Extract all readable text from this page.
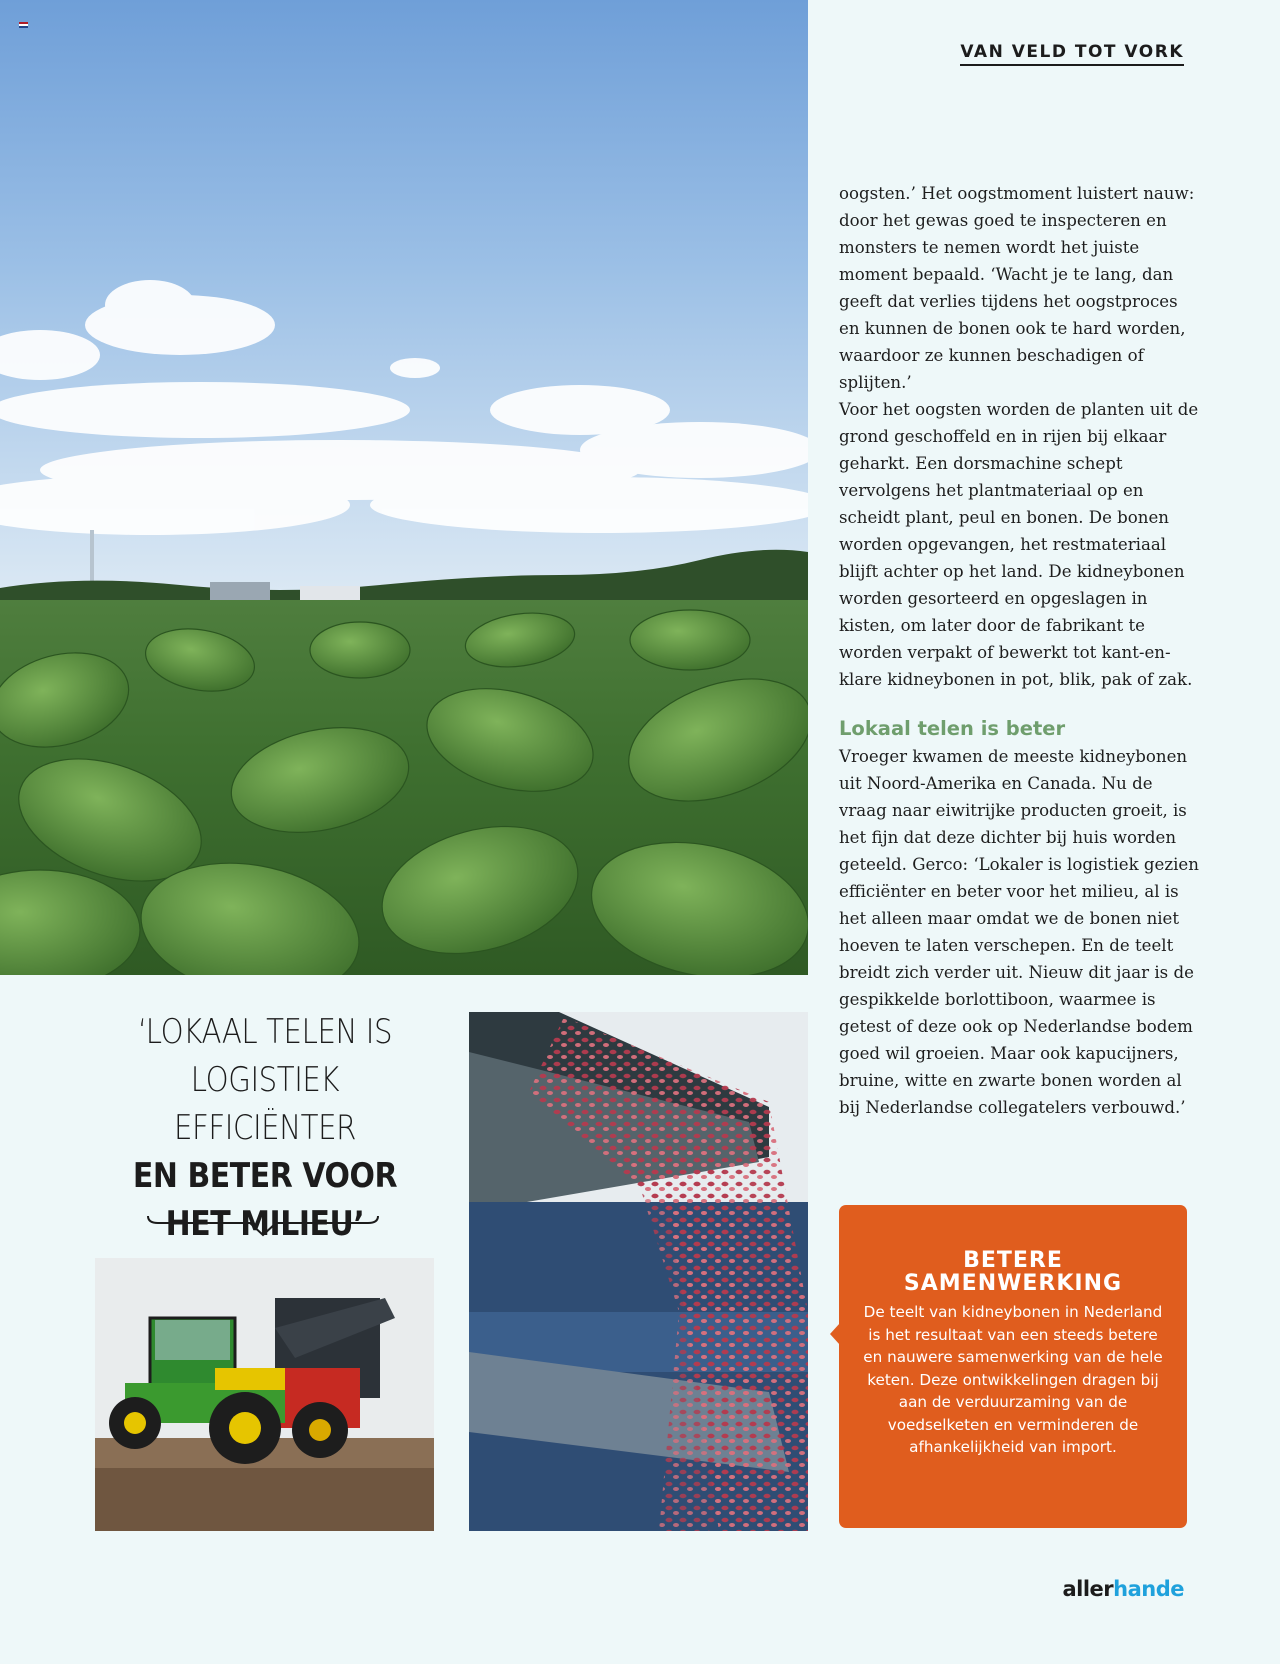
VAN VELD TOT VORK

oogsten.’ Het oogstmoment luistert nauw: door het gewas goed te inspecteren en monsters te nemen wordt het juiste moment bepaald. ‘Wacht je te lang, dan geeft dat verlies tijdens het oogstproces en kunnen de bonen ook te hard worden, waardoor ze kunnen beschadigen of splijten.’

Voor het oogsten worden de planten uit de grond geschoffeld en in rijen bij elkaar geharkt. Een dorsmachine schept vervolgens het plantmateriaal op en scheidt plant, peul en bonen. De bonen worden opgevangen, het restmateriaal blijft achter op het land. De kidneybonen worden gesorteerd en opgeslagen in kisten, om later door de fabrikant te worden verpakt of bewerkt tot kant-en-klare kidneybonen in pot, blik, pak of zak.

Lokaal telen is beter

Vroeger kwamen de meeste kidneybonen uit Noord-Amerika en Canada. Nu de vraag naar eiwitrijke producten groeit, is het fijn dat deze dichter bij huis worden geteeld. Gerco: ‘Lokaler is logistiek gezien efficiënter en beter voor het milieu, al is het alleen maar omdat we de bonen niet hoeven te laten verschepen. En de teelt breidt zich verder uit. Nieuw dit jaar is de gespikkelde borlottiboon, waarmee is getest of deze ook op Nederlandse bodem goed wil groeien. Maar ook kapucijners, bruine, witte en zwarte bonen worden al bij Nederlandse collegatelers verbouwd.’

‘LOKAAL TELEN IS
LOGISTIEK EFFICIËNTER
EN BETER VOOR
HET MILIEU’
BETERE
SAMENWERKING

De teelt van kidneybonen in Nederland is het resultaat van een steeds betere en nauwere samenwerking van de hele keten. Deze ontwikkelingen dragen bij aan de verduurzaming van de voedselketen en verminderen de afhankelijkheid van import.

allerhande
